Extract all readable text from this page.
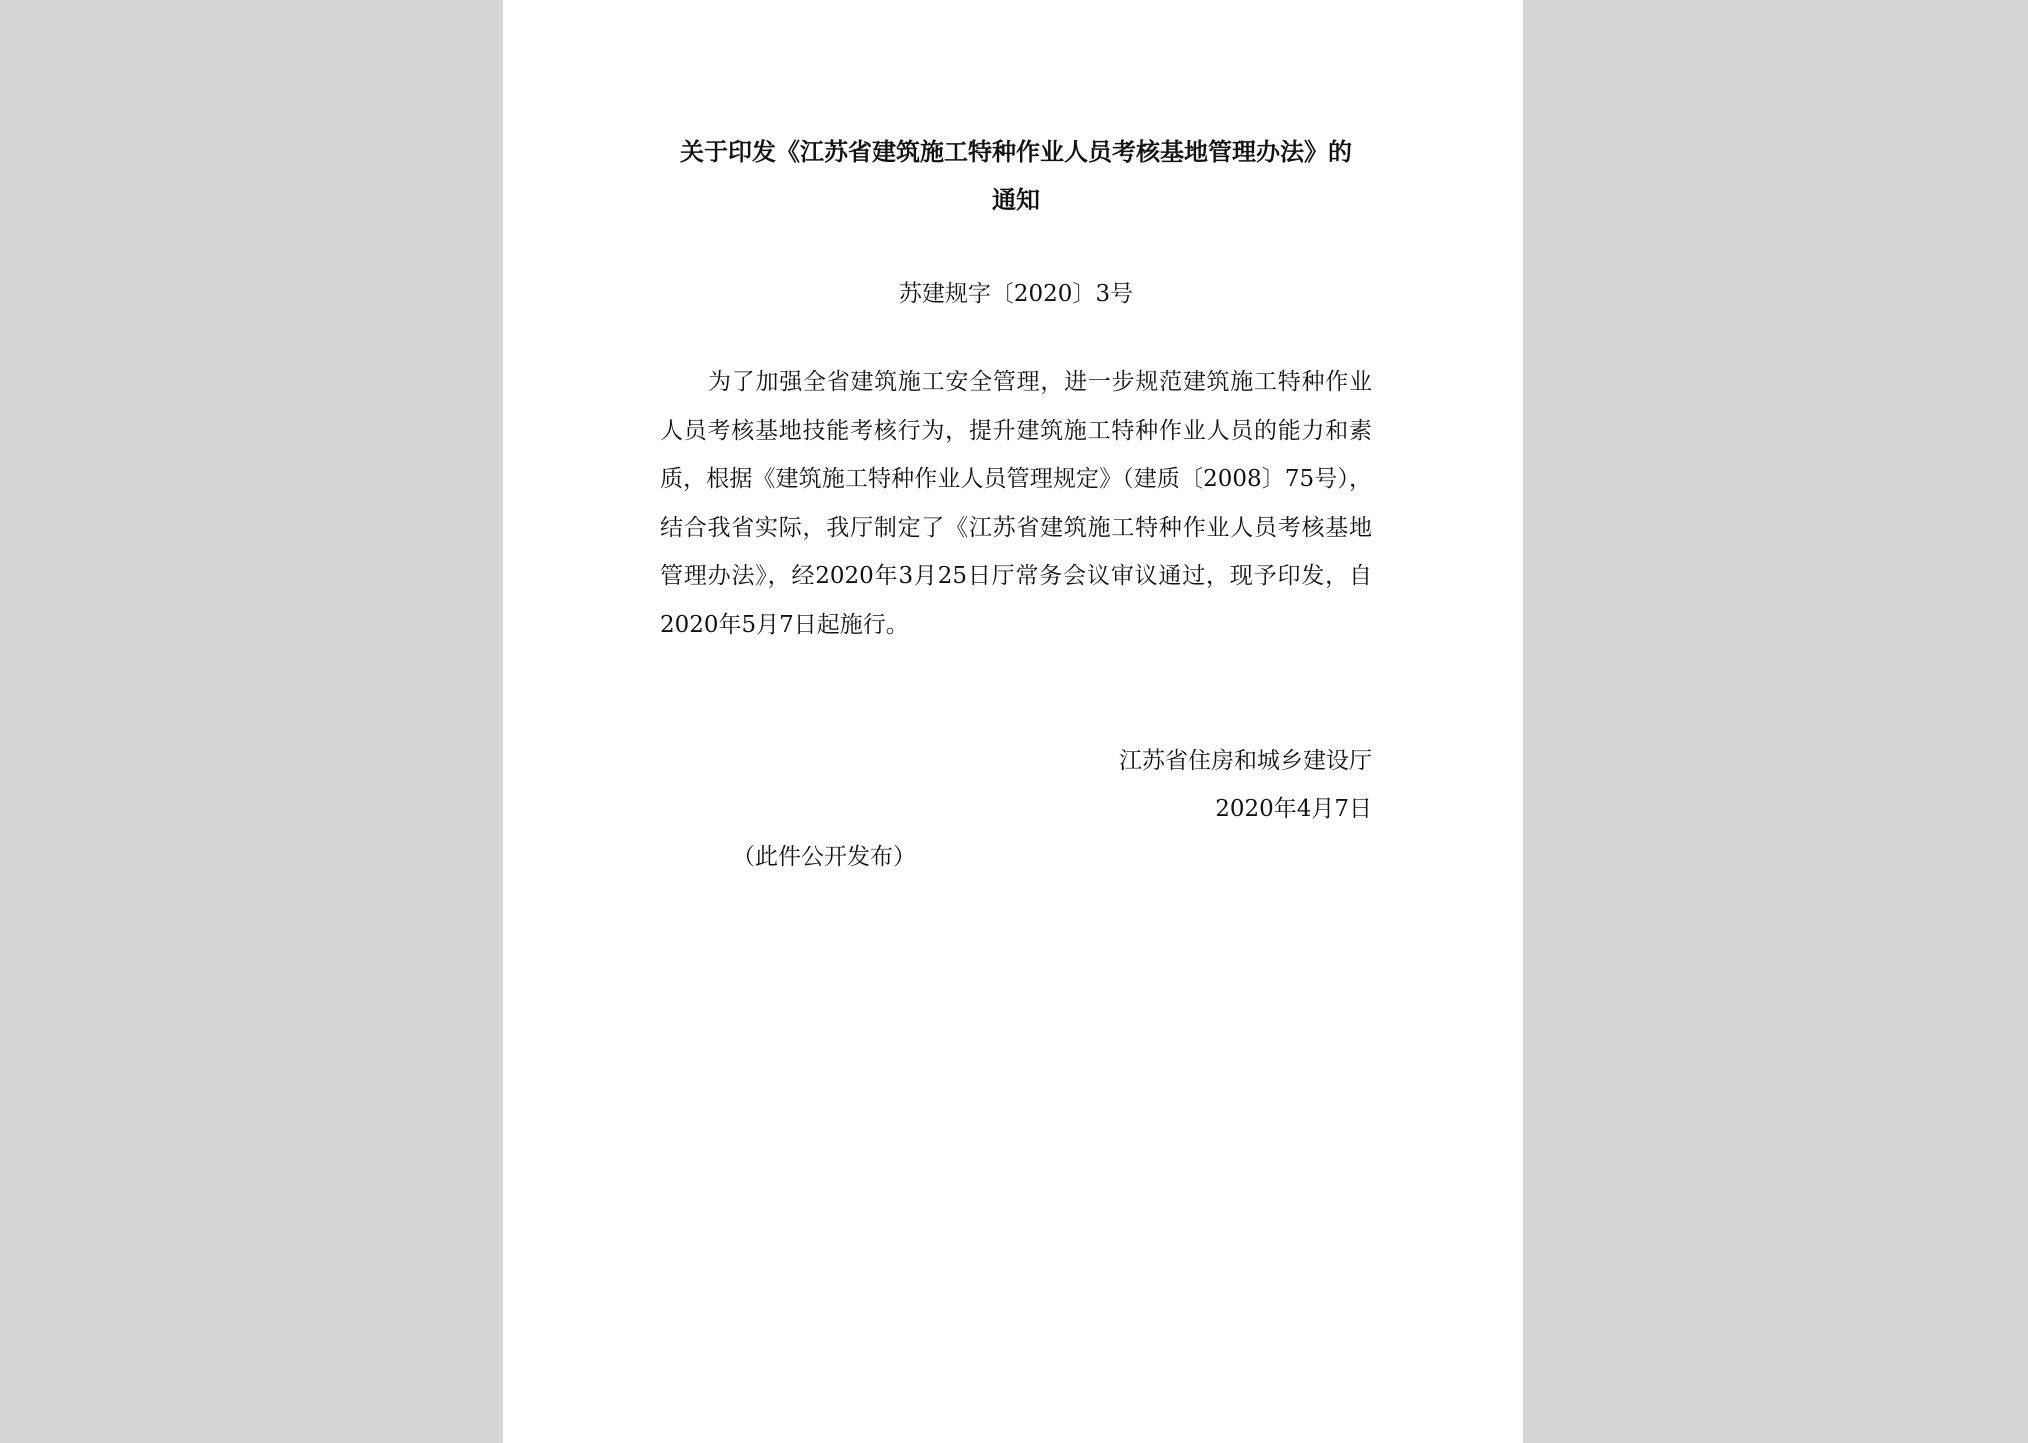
关于印发《江苏省建筑施工特种作业人员考核基地管理办法》的
通知
苏建规字〔2020〕3号

为了加强全省建筑施工安全管理，进一步规范建筑施工特种作业人员考核基地技能考核行为，提升建筑施工特种作业人员的能力和素质，根据《建筑施工特种作业人员管理规定》（建质〔2008〕75号），结合我省实际，我厅制定了《江苏省建筑施工特种作业人员考核基地管理办法》，经2020年3月25日厅常务会议审议通过，现予印发，自2020年5月7日起施行。

江苏省住房和城乡建设厅
2020年4月7日
（此件公开发布）
